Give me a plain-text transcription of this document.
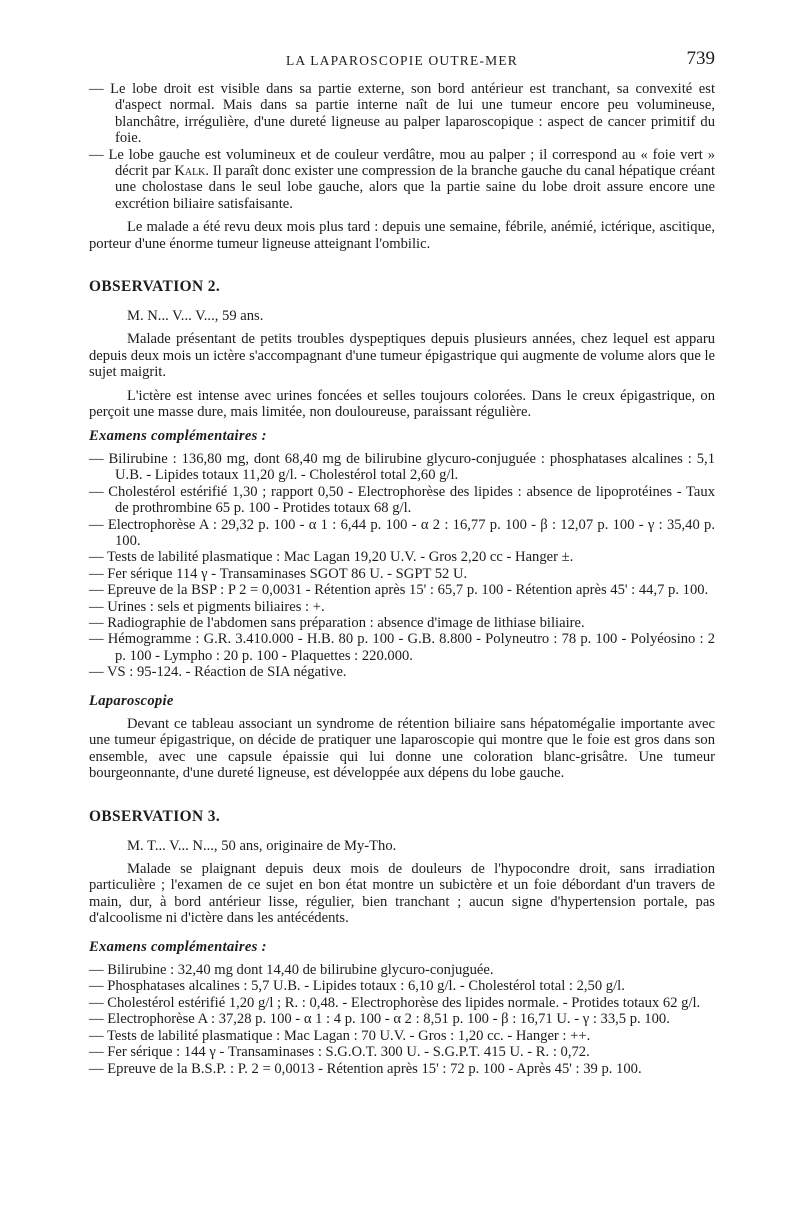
LA LAPAROSCOPIE OUTRE-MER	739

— Le lobe droit est visible dans sa partie externe, son bord antérieur est tranchant, sa convexité est d'aspect normal. Mais dans sa partie interne naît de lui une tumeur encore peu volumineuse, blanchâtre, irrégulière, d'une dureté ligneuse au palper laparoscopique : aspect de cancer primitif du foie.

— Le lobe gauche est volumineux et de couleur verdâtre, mou au palper ; il correspond au « foie vert » décrit par Kalk. Il paraît donc exister une compression de la branche gauche du canal hépatique créant une cholostase dans le seul lobe gauche, alors que la partie saine du lobe droit assure encore une excrétion biliaire satisfaisante.

Le malade a été revu deux mois plus tard : depuis une semaine, fébrile, anémié, ictérique, ascitique, porteur d'une énorme tumeur ligneuse atteignant l'ombilic.

OBSERVATION 2.

M. N... V... V..., 59 ans.

Malade présentant de petits troubles dyspeptiques depuis plusieurs années, chez lequel est apparu depuis deux mois un ictère s'accompagnant d'une tumeur épigastrique qui augmente de volume alors que le sujet maigrit.

L'ictère est intense avec urines foncées et selles toujours colorées. Dans le creux épigastrique, on perçoit une masse dure, mais limitée, non douloureuse, paraissant régulière.

Examens complémentaires :

— Bilirubine : 136,80 mg, dont 68,40 mg de bilirubine glycuro-conjuguée : phosphatases alcalines : 5,1 U.B. - Lipides totaux 11,20 g/l. - Cholestérol total 2,60 g/l.

— Cholestérol estérifié 1,30 ; rapport 0,50 - Electrophorèse des lipides : absence de lipoprotéines - Taux de prothrombine 65 p. 100 - Protides totaux 68 g/l.

— Electrophorèse A : 29,32 p. 100 - α 1 : 6,44 p. 100 - α 2 : 16,77 p. 100 - β : 12,07 p. 100 - γ : 35,40 p. 100.

— Tests de labilité plasmatique : Mac Lagan 19,20 U.V. - Gros 2,20 cc - Hanger ±.

— Fer sérique 114 γ - Transaminases SGOT 86 U. - SGPT 52 U.

— Epreuve de la BSP : P 2 = 0,0031 - Rétention après 15' : 65,7 p. 100 - Rétention après 45' : 44,7 p. 100.

— Urines : sels et pigments biliaires : +.

— Radiographie de l'abdomen sans préparation : absence d'image de lithiase biliaire.

— Hémogramme : G.R. 3.410.000 - H.B. 80 p. 100 - G.B. 8.800 - Polyneutro : 78 p. 100 - Polyéosino : 2 p. 100 - Lympho : 20 p. 100 - Plaquettes : 220.000.

— VS : 95-124. - Réaction de SIA négative.

Laparoscopie

Devant ce tableau associant un syndrome de rétention biliaire sans hépatomégalie importante avec une tumeur épigastrique, on décide de pratiquer une laparoscopie qui montre que le foie est gros dans son ensemble, avec une capsule épaissie qui lui donne une coloration blanc-grisâtre. Une tumeur bourgeonnante, d'une dureté ligneuse, est développée aux dépens du lobe gauche.

OBSERVATION 3.

M. T... V... N..., 50 ans, originaire de My-Tho.

Malade se plaignant depuis deux mois de douleurs de l'hypocondre droit, sans irradiation particulière ; l'examen de ce sujet en bon état montre un subictère et un foie débordant d'un travers de main, dur, à bord antérieur lisse, régulier, bien tranchant ; aucun signe d'hypertension portale, pas d'alcoolisme ni d'ictère dans les antécédents.

Examens complémentaires :

— Bilirubine : 32,40 mg dont 14,40 de bilirubine glycuro-conjuguée.

— Phosphatases alcalines : 5,7 U.B. - Lipides totaux : 6,10 g/l. - Cholestérol total : 2,50 g/l.

— Cholestérol estérifié 1,20 g/l ; R. : 0,48. - Electrophorèse des lipides normale. - Protides totaux 62 g/l.

— Electrophorèse A : 37,28 p. 100 - α 1 : 4 p. 100 - α 2 : 8,51 p. 100 - β : 16,71 U. - γ : 33,5 p. 100.

— Tests de labilité plasmatique : Mac Lagan : 70 U.V. - Gros : 1,20 cc. - Hanger : ++.

— Fer sérique : 144 γ - Transaminases : S.G.O.T. 300 U. - S.G.P.T. 415 U. - R. : 0,72.

— Epreuve de la B.S.P. : P. 2 = 0,0013 - Rétention après 15' : 72 p. 100 - Après 45' : 39 p. 100.
